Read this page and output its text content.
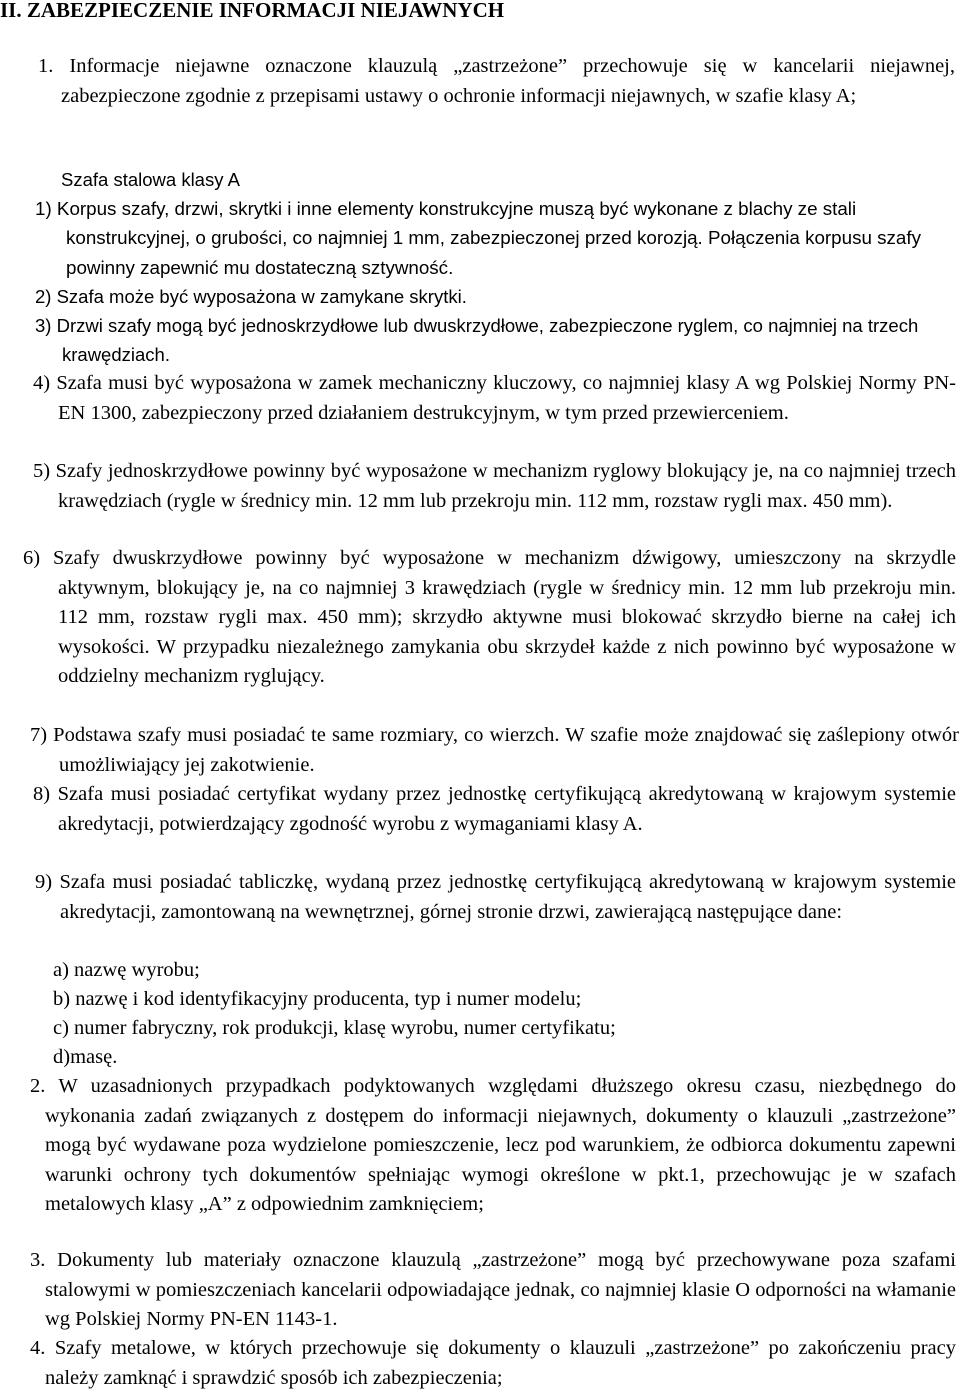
II. ZABEZPIECZENIE INFORMACJI NIEJAWNYCH

1. Informacje niejawne oznaczone klauzulą „zastrzeżone” przechowuje się w kancelarii niejawnej, zabezpieczone zgodnie z przepisami ustawy o ochronie informacji niejawnych, w szafie klasy A;

Szafa stalowa klasy A

1) Korpus szafy, drzwi, skrytki i inne elementy konstrukcyjne muszą być wykonane z blachy ze stali konstrukcyjnej, o grubości, co najmniej 1 mm, zabezpieczonej przed korozją. Połączenia korpusu szafy powinny zapewnić mu dostateczną sztywność.

2) Szafa może być wyposażona w zamykane skrytki.

3) Drzwi szafy mogą być jednoskrzydłowe lub dwuskrzydłowe, zabezpieczone ryglem, co najmniej na trzech krawędziach.

4) Szafa musi być wyposażona w zamek mechaniczny kluczowy, co najmniej klasy A wg Polskiej Normy PN-EN 1300, zabezpieczony przed działaniem destrukcyjnym, w tym przed przewierceniem.

5) Szafy jednoskrzydłowe powinny być wyposażone w mechanizm ryglowy blokujący je, na co najmniej trzech krawędziach (rygle w średnicy min. 12 mm lub przekroju min. 112 mm, rozstaw rygli max. 450 mm).

6) Szafy dwuskrzydłowe powinny być wyposażone w mechanizm dźwigowy, umieszczony na skrzydle aktywnym, blokujący je, na co najmniej 3 krawędziach (rygle w średnicy min. 12 mm lub przekroju min. 112 mm, rozstaw rygli max. 450 mm); skrzydło aktywne musi blokować skrzydło bierne na całej ich wysokości. W przypadku niezależnego zamykania obu skrzydeł każde z nich powinno być wyposażone w oddzielny mechanizm ryglujący.

7) Podstawa szafy musi posiadać te same rozmiary, co wierzch. W szafie może znajdować się zaślepiony otwór umożliwiający jej zakotwienie.

8) Szafa musi posiadać certyfikat wydany przez jednostkę certyfikującą akredytowaną w krajowym systemie akredytacji, potwierdzający zgodność wyrobu z wymaganiami klasy A.

9) Szafa musi posiadać tabliczkę, wydaną przez jednostkę certyfikującą akredytowaną w krajowym systemie akredytacji, zamontowaną na wewnętrznej, górnej stronie drzwi, zawierającą następujące dane:

a) nazwę wyrobu;

b) nazwę i kod identyfikacyjny producenta, typ i numer modelu;

c) numer fabryczny, rok produkcji, klasę wyrobu, numer certyfikatu;

d)masę.

2. W uzasadnionych przypadkach podyktowanych względami dłuższego okresu czasu, niezbędnego do wykonania zadań związanych z dostępem do informacji niejawnych, dokumenty o klauzuli „zastrzeżone” mogą być wydawane poza wydzielone pomieszczenie, lecz pod warunkiem, że odbiorca dokumentu zapewni warunki ochrony tych dokumentów spełniając wymogi określone w pkt.1, przechowując je w szafach metalowych klasy „A” z odpowiednim zamknięciem;

3. Dokumenty lub materiały oznaczone klauzulą „zastrzeżone” mogą być przechowywane poza szafami stalowymi w pomieszczeniach kancelarii odpowiadające jednak, co najmniej klasie O odporności na włamanie wg Polskiej Normy PN-EN 1143-1.

4. Szafy metalowe, w których przechowuje się dokumenty o klauzuli „zastrzeżone” po zakończeniu pracy należy zamknąć i sprawdzić sposób ich zabezpieczenia;
